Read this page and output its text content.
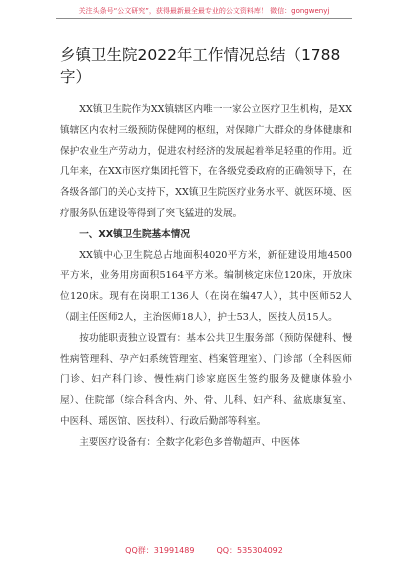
关注头条号“公文研究”，获得最新最全最专业的公文资料库！ 微信：gongwenyj
乡镇卫生院2022年工作情况总结（1788字）

XX镇卫生院作为XX镇辖区内唯一一家公立医疗卫生机构，是XX镇辖区内农村三级预防保健网的枢纽，对保障广大群众的身体健康和保护农业生产劳动力，促进农村经济的发展起着举足轻重的作用。近几年来，在XX市医疗集团托管下，在各级党委政府的正确领导下，在各级各部门的关心支持下，XX镇卫生院医疗业务水平、就医环境、医疗服务队伍建设等得到了突飞猛进的发展。

一、XX镇卫生院基本情况

XX镇中心卫生院总占地面积4020平方米，新征建设用地4500平方米，业务用房面积5164平方米。编制核定床位120床，开放床位120床。现有在岗职工136人（在岗在编47人），其中医师52人（副主任医师2人，主治医师18人），护士53人，医技人员15人。

按功能职责独立设置有：基本公共卫生服务部（预防保健科、慢性病管理科、孕产妇系统管理室、档案管理室）、门诊部（全科医师门诊、妇产科门诊、慢性病门诊家庭医生签约服务及健康体验小屋）、住院部（综合科含内、外、骨、儿科、妇产科、盆底康复室、中医科、瑶医馆、医技科）、行政后勤部等科室。

主要医疗设备有：全数字化彩色多普勒超声、中医体

QQ群：31991489	QQ：535304092
